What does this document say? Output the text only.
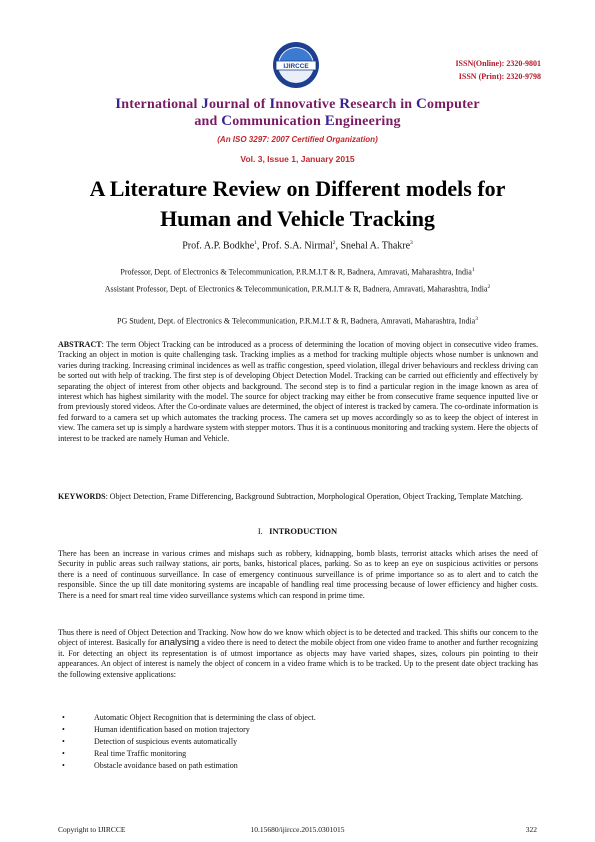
IJIRCCE	ISSN(Online): 2320-9801
ISSN (Print): 2320-9798
International Journal of Innovative Research in Computer
and Communication Engineering
(An ISO 3297: 2007 Certified Organization)
Vol. 3, Issue 1, January 2015
A Literature Review on Different models for
Human and Vehicle Tracking
Prof. A.P. Bodkhe$^1$, Prof. S.A. Nirmal$^2$, Snehal A. Thakre$^3$
Professor, Dept. of Electronics & Telecommunication, P.R.M.I.T & R, Badnera, Amravati, Maharashtra, India$^1$
Assistant Professor, Dept. of Electronics & Telecommunication, P.R.M.I.T & R, Badnera, Amravati, Maharashtra, India$^2$
PG Student, Dept. of Electronics & Telecommunication, P.R.M.I.T & R, Badnera, Amravati, Maharashtra, India$^3$
ABSTRACT: The term Object Tracking can be introduced as a process of determining the location of moving object in consecutive video frames. Tracking an object in motion is quite challenging task. Tracking implies as a method for tracking multiple objects whose number is unknown and varies during tracking. Increasing criminal incidences as well as traffic congestion, speed violation, illegal driver behaviours and reckless driving can be sorted out with help of tracking. The first step is of developing Object Detection Model. Tracking can be carried out efficiently and effectively by separating the object of interest from other objects and background. The second step is to find a particular region in the image known as area of interest which has highest similarity with the model. The source for object tracking may either be from consecutive frame sequence inputted live or from previously stored videos. After the Co-ordinate values are determined, the object of interest is tracked by camera. The co-ordinate information is fed forward to a camera set up which automates the tracking process. The camera set up moves accordingly so as to keep the object of interest in view. The camera set up is simply a hardware system with stepper motors. Thus it is a continuous monitoring and tracking system. Here the objects of interest to be tracked are namely Human and Vehicle.
KEYWORDS: Object Detection, Frame Differencing, Background Subtraction, Morphological Operation, Object Tracking, Template Matching.
I. INTRODUCTION
There has been an increase in various crimes and mishaps such as robbery, kidnapping, bomb blasts, terrorist attacks which arises the need of Security in public areas such railway stations, air ports, banks, historical places, parking. So as to keep an eye on suspicious activities or persons there is a need of continuous surveillance. In case of emergency continuous surveillance is of prime importance so as to alert and to catch the responsible. Since the up till date monitoring systems are incapable of handling real time processing because of lower efficiency and higher costs. There is a need for smart real time video surveillance systems which can respond in prime time.
Thus there is need of Object Detection and Tracking. Now how do we know which object is to be detected and tracked. This shifts our concern to the object of interest. Basically for analysing a video there is need to detect the mobile object from one video frame to another and further recognizing it. For detecting an object its representation is of utmost importance as objects may have varied shapes, sizes, colours pin pointing to their appearances. An object of interest is namely the object of concern in a video frame which is to be tracked. Up to the present date object tracking has the following extensive applications:
•	Automatic Object Recognition that is determining the class of object.
•	Human identification based on motion trajectory
•	Detection of suspicious events automatically
•	Real time Traffic monitoring
•	Obstacle avoidance based on path estimation
Copyright to IJIRCCE	10.15680/ijircce.2015.0301015	322
